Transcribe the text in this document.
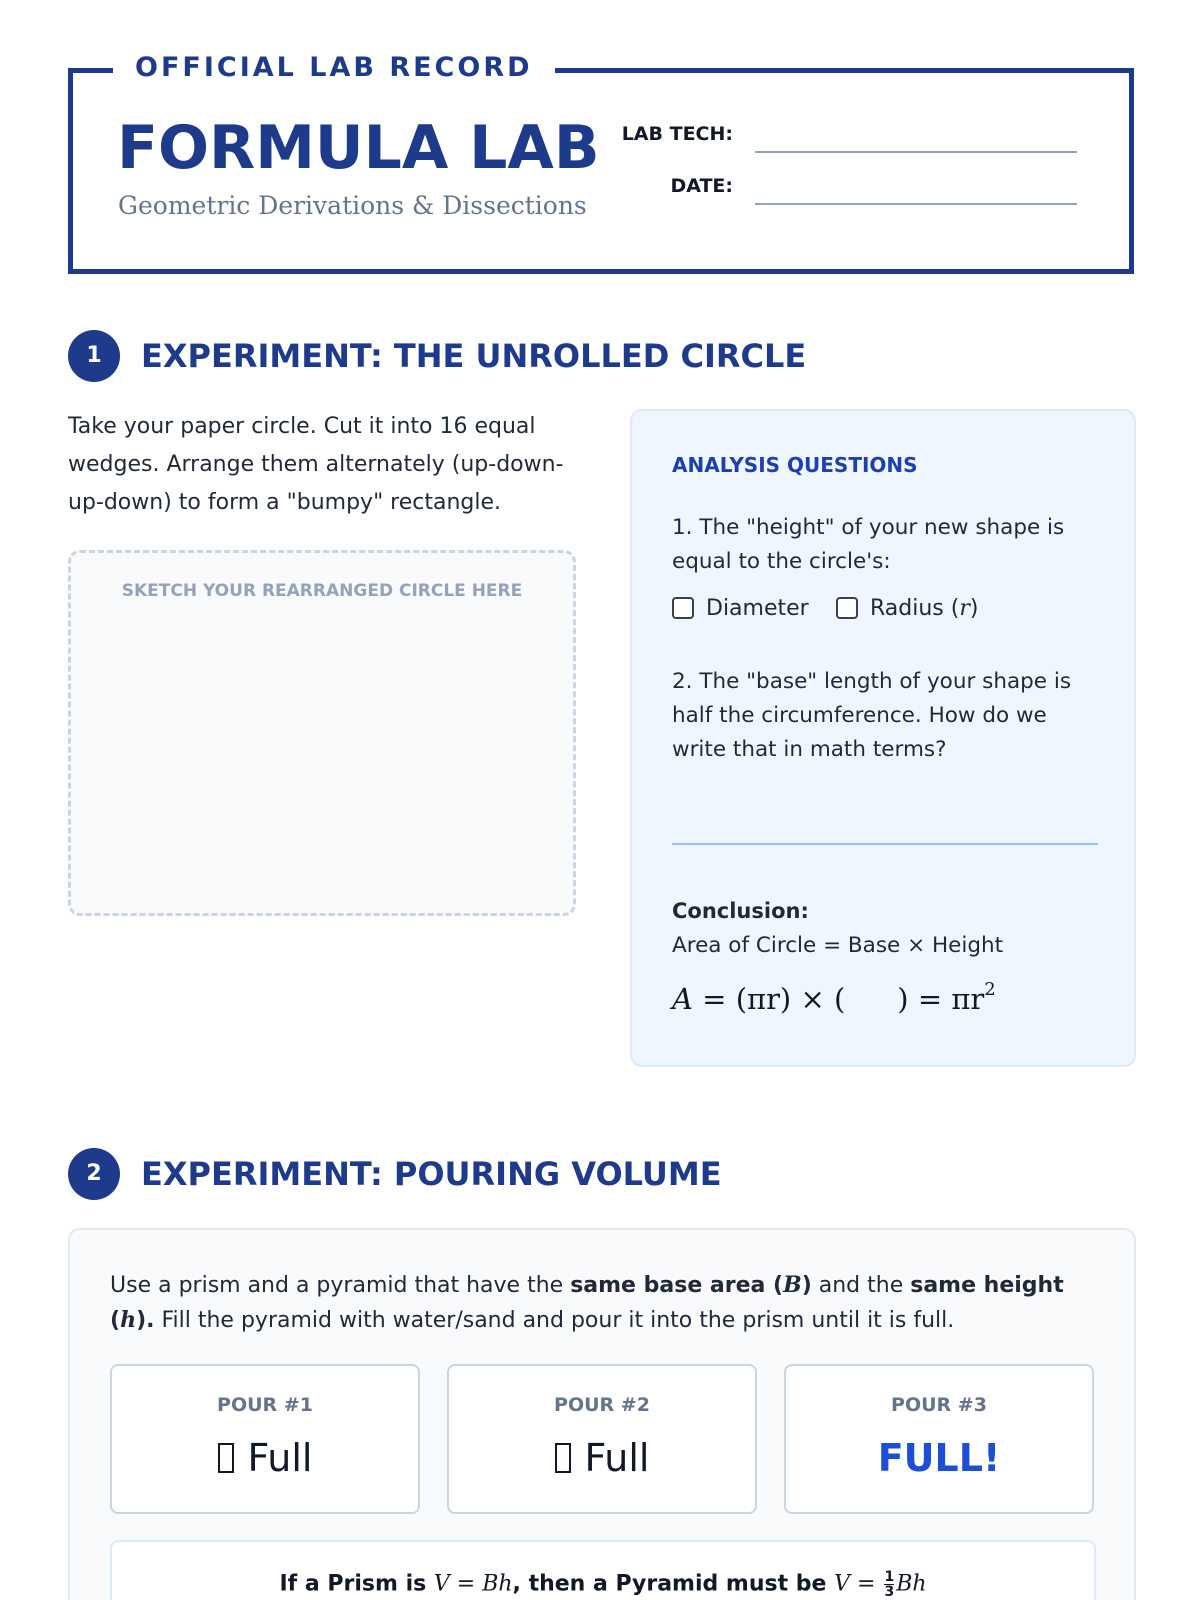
OFFICIAL LAB RECORD
FORMULA LAB
Geometric Derivations & Dissections
LAB TECH:
DATE:
1	EXPERIMENT: THE UNROLLED CIRCLE
Take your paper circle. Cut it into 16 equal wedges. Arrange them alternately (up-down-up-down) to form a "bumpy" rectangle.
SKETCH YOUR REARRANGED CIRCLE HERE
ANALYSIS QUESTIONS
1. The "height" of your new shape is equal to the circle's:
Diameter	Radius ( r )
2. The "base" length of your shape is half the circumference. How do we write that in math terms?
Conclusion:
Area of Circle = Base × Height
A = (πr) × ( ) = $\pi r^2$
2	EXPERIMENT: POURING VOLUME
Use a prism and a pyramid that have the same base area (B) and the same height (h). Fill the pyramid with water/sand and pour it into the prism until it is full.
POUR #1
Full
POUR #2
Full
POUR #3
FULL!
If a Prism is V = Bh, then a Pyramid must be $V = \frac{1}{3}$ Bh
